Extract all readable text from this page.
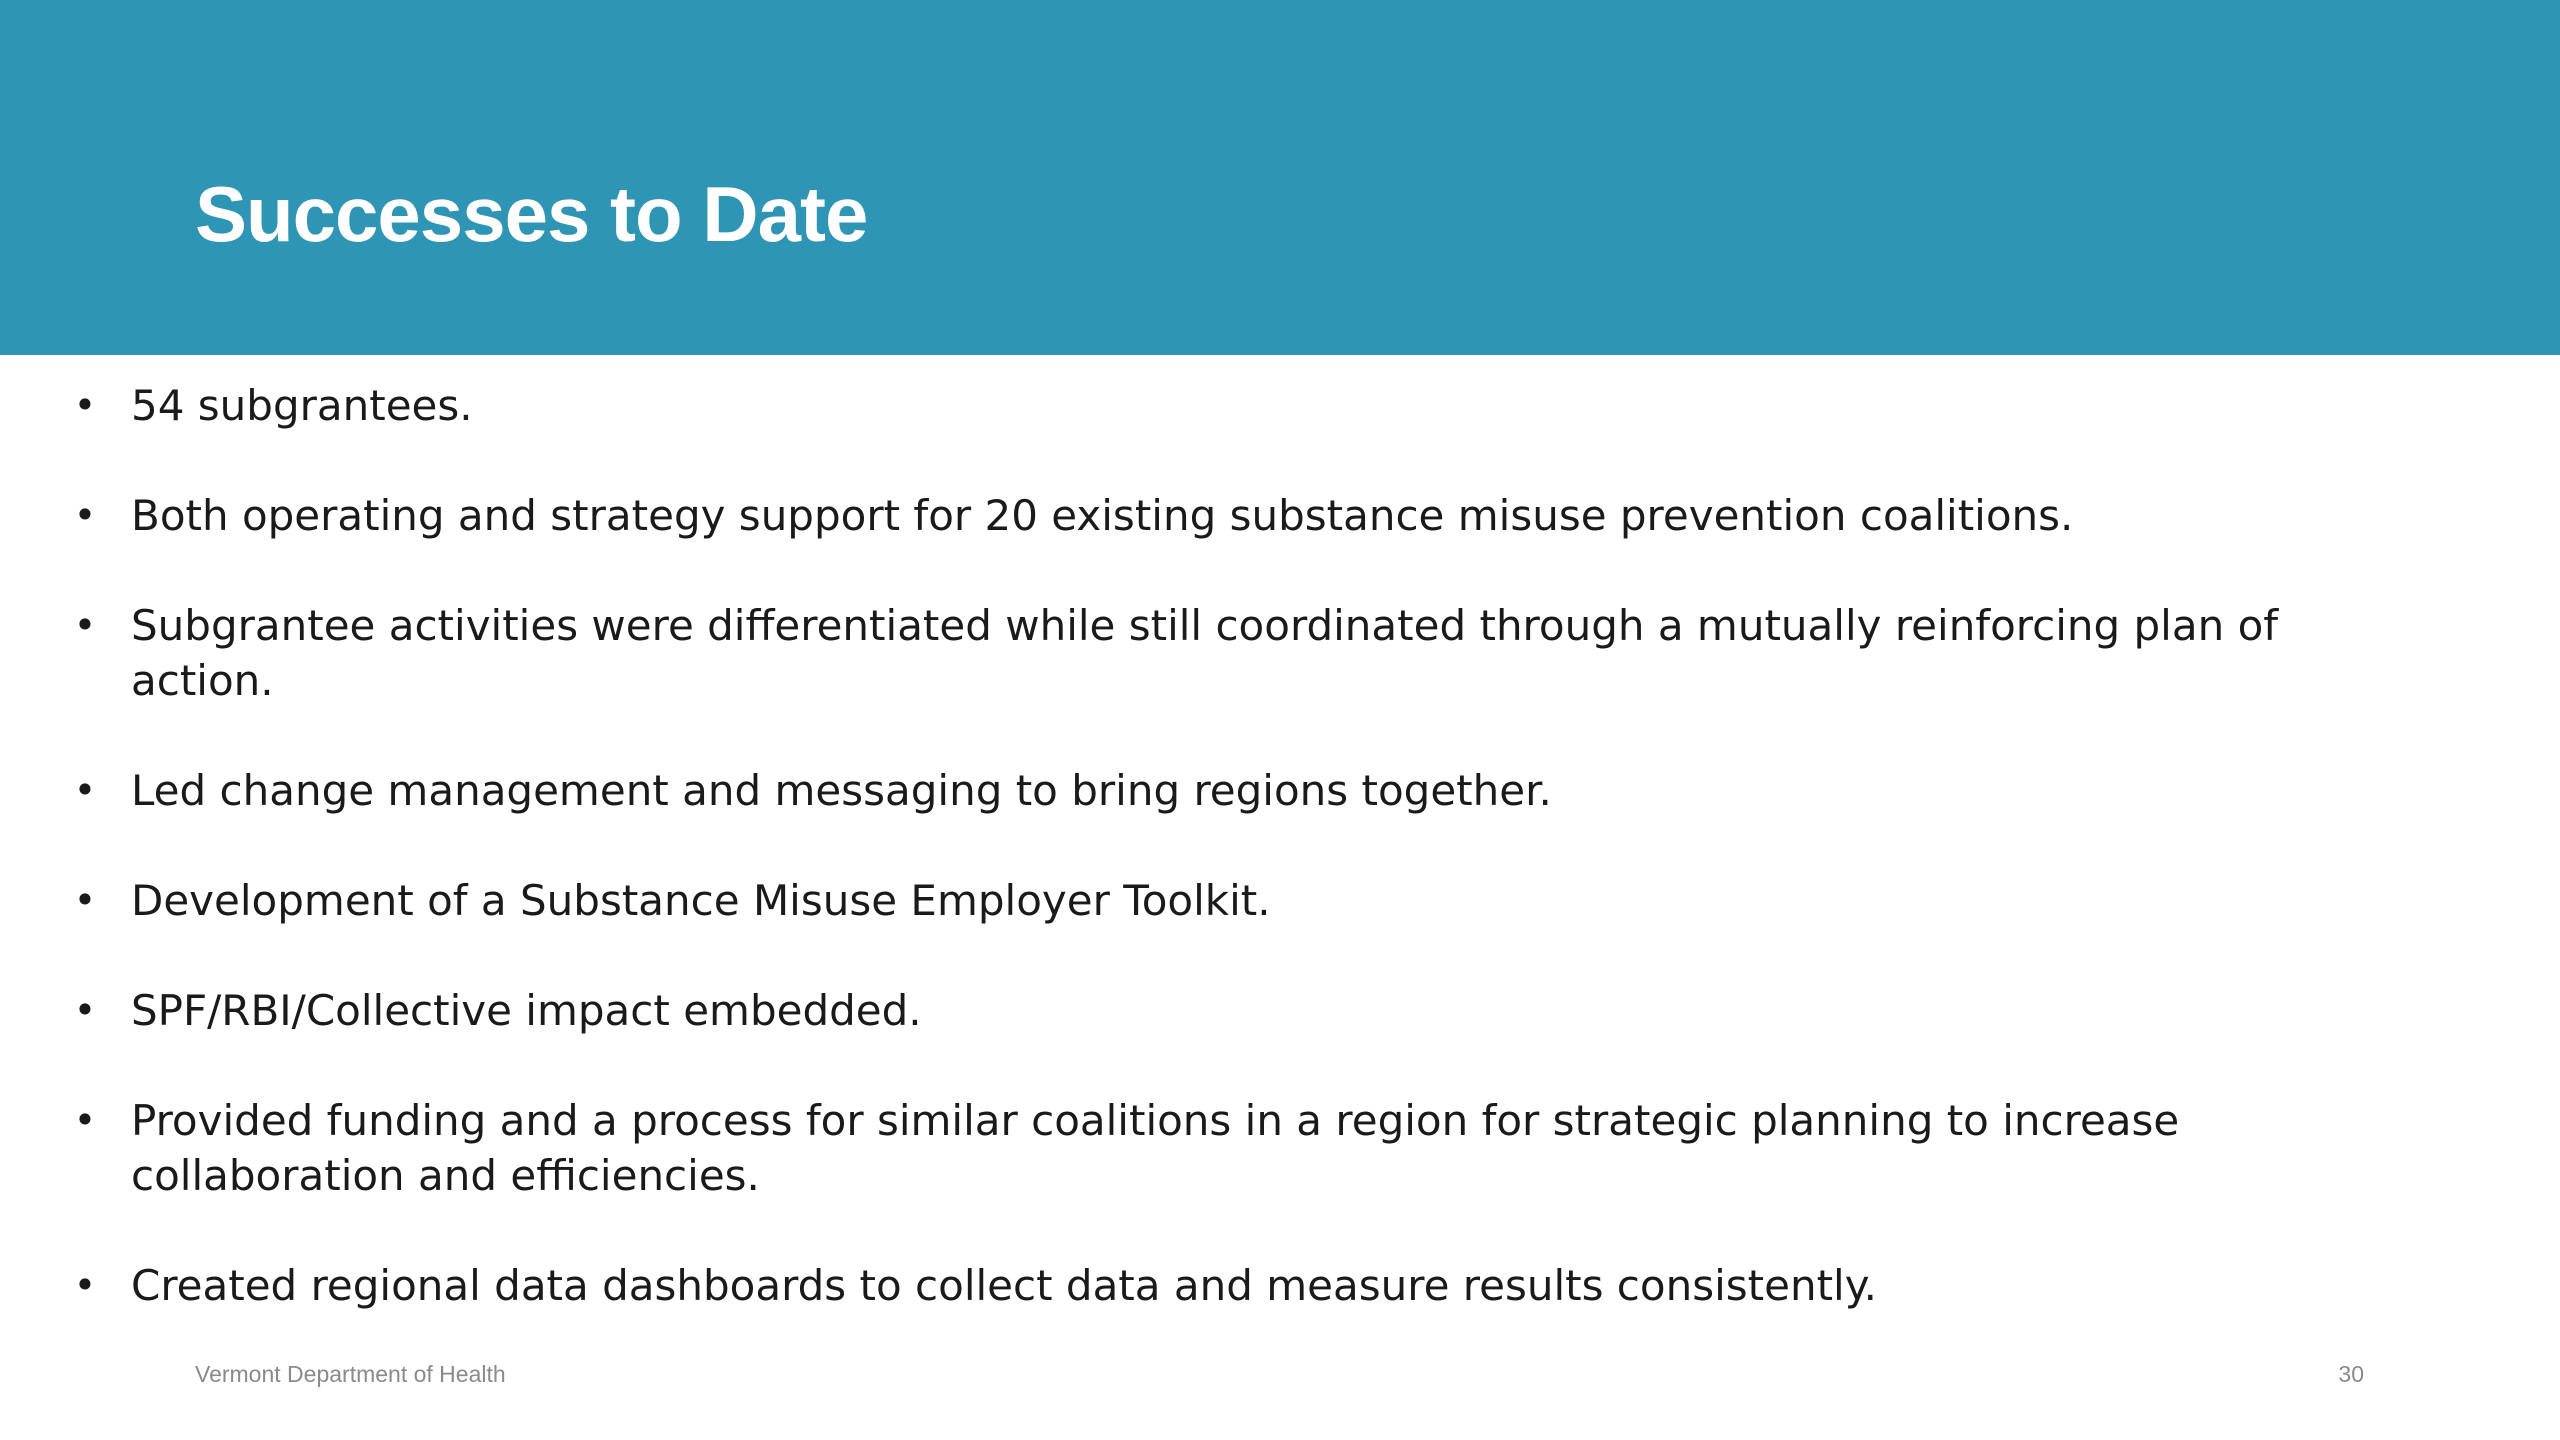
Successes to Date
• 54 subgrantees.
• Both operating and strategy support for 20 existing substance misuse prevention coalitions.
• Subgrantee activities were differentiated while still coordinated through a mutually reinforcing plan of action.
• Led change management and messaging to bring regions together.
• Development of a Substance Misuse Employer Toolkit.
• SPF/RBI/Collective impact embedded.
• Provided funding and a process for similar coalitions in a region for strategic planning to increase collaboration and efficiencies.
• Created regional data dashboards to collect data and measure results consistently.
Vermont Department of Health	30
